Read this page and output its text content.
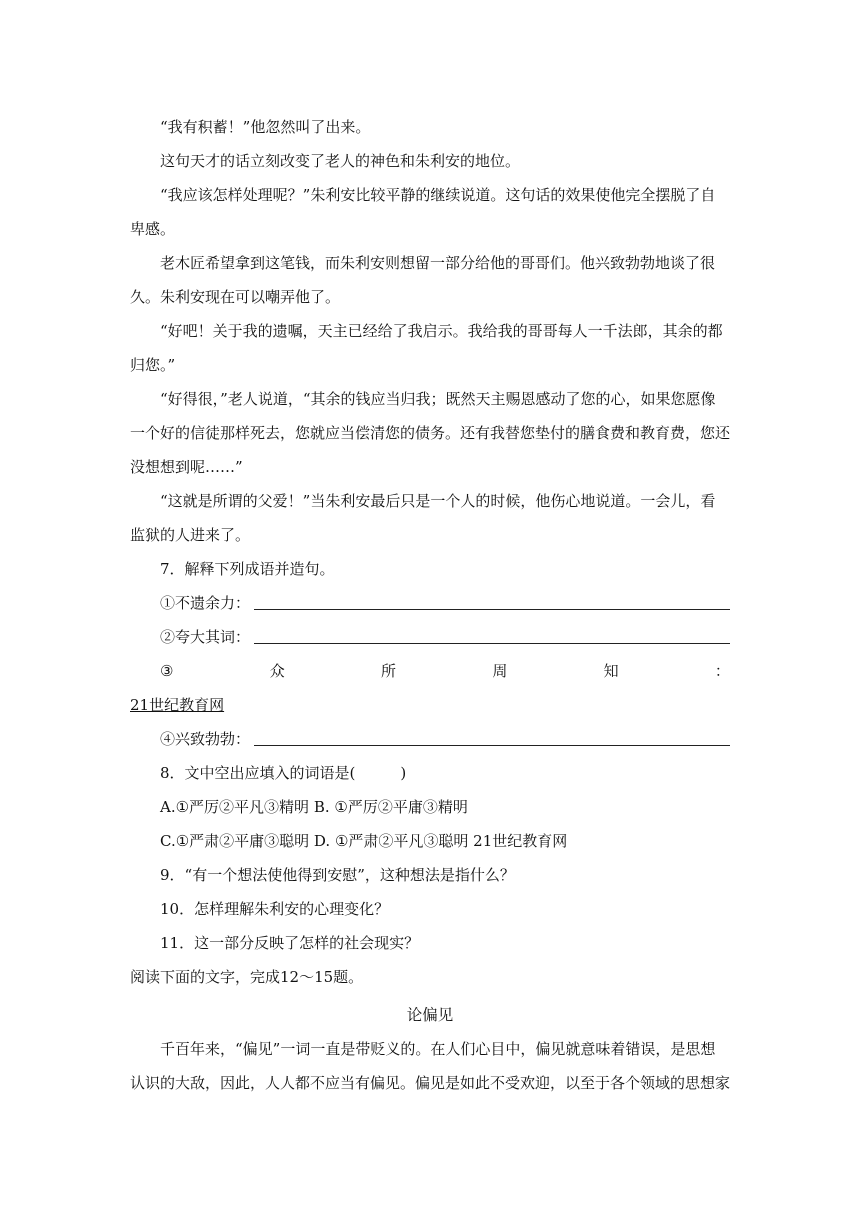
“我有积蓄！”他忽然叫了出来。

这句天才的话立刻改变了老人的神色和朱利安的地位。

“我应该怎样处理呢？”朱利安比较平静的继续说道。这句话的效果使他完全摆脱了自卑感。

老木匠希望拿到这笔钱，而朱利安则想留一部分给他的哥哥们。他兴致勃勃地谈了很久。朱利安现在可以嘲弄他了。

“好吧！关于我的遗嘱，天主已经给了我启示。我给我的哥哥每人一千法郎，其余的都归您。”

“好得很，”老人说道，“其余的钱应当归我；既然天主赐恩感动了您的心，如果您愿像一个好的信徒那样死去，您就应当偿清您的债务。还有我替您垫付的膳食费和教育费，您还没想想到呢……”

“这就是所谓的父爱！”当朱利安最后只是一个人的时候，他伤心地说道。一会儿，看监狱的人进来了。

7．解释下列成语并造句。

①不遗余力：
②夸大其词：
③	众	所	周	知	：

21世纪教育网

④兴致勃勃：

8．文中空出应填入的词语是(　　　)

A.①严厉②平凡③精明 B. ①严厉②平庸③精明

C.①严肃②平庸③聪明 D. ①严肃②平凡③聪明 21世纪教育网

9．“有一个想法使他得到安慰”，这种想法是指什么？

10．怎样理解朱利安的心理变化？

11．这一部分反映了怎样的社会现实？

阅读下面的文字，完成12～15题。

论偏见

千百年来，“偏见”一词一直是带贬义的。在人们心目中，偏见就意味着错误，是思想认识的大敌，因此，人人都不应当有偏见。偏见是如此不受欢迎，以至于各个领域的思想家
